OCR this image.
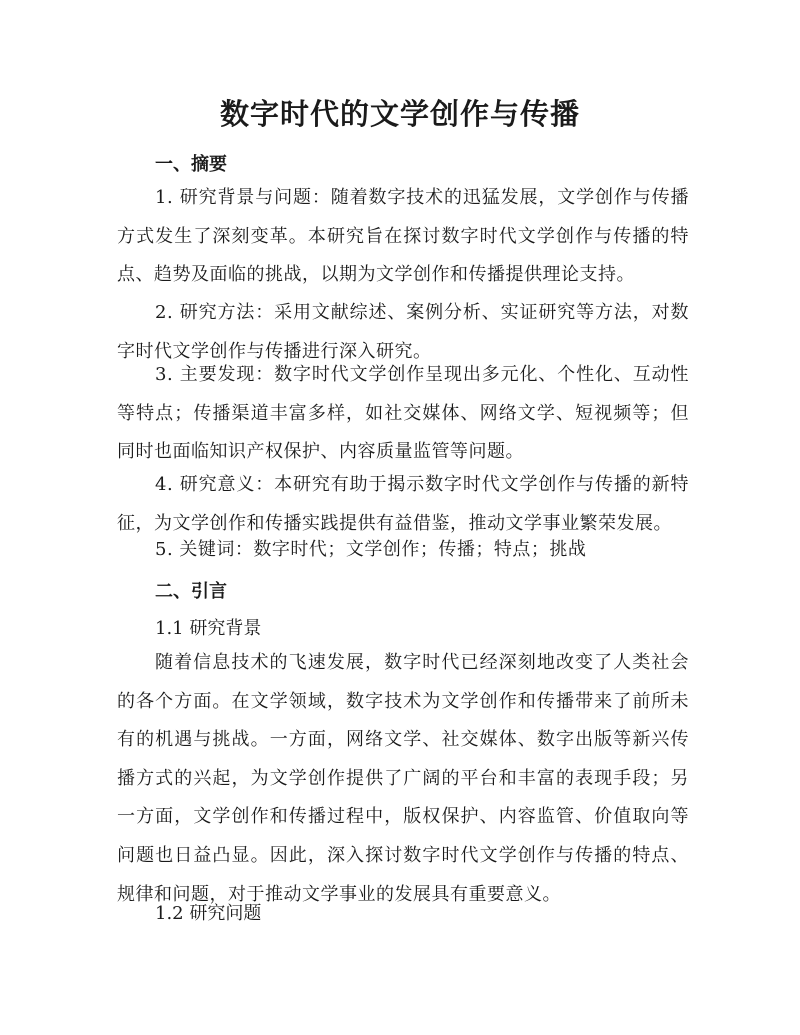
数字时代的文学创作与传播
一、摘要

1. 研究背景与问题：随着数字技术的迅猛发展，文学创作与传播方式发生了深刻变革。本研究旨在探讨数字时代文学创作与传播的特点、趋势及面临的挑战，以期为文学创作和传播提供理论支持。

2. 研究方法：采用文献综述、案例分析、实证研究等方法，对数字时代文学创作与传播进行深入研究。

3. 主要发现：数字时代文学创作呈现出多元化、个性化、互动性等特点；传播渠道丰富多样，如社交媒体、网络文学、短视频等；但同时也面临知识产权保护、内容质量监管等问题。

4. 研究意义：本研究有助于揭示数字时代文学创作与传播的新特征，为文学创作和传播实践提供有益借鉴，推动文学事业繁荣发展。

5. 关键词：数字时代；文学创作；传播；特点；挑战

二、引言

1.1 研究背景

随着信息技术的飞速发展，数字时代已经深刻地改变了人类社会的各个方面。在文学领域，数字技术为文学创作和传播带来了前所未有的机遇与挑战。一方面，网络文学、社交媒体、数字出版等新兴传播方式的兴起，为文学创作提供了广阔的平台和丰富的表现手段；另一方面，文学创作和传播过程中，版权保护、内容监管、价值取向等问题也日益凸显。因此，深入探讨数字时代文学创作与传播的特点、规律和问题，对于推动文学事业的发展具有重要意义。

1.2 研究问题
